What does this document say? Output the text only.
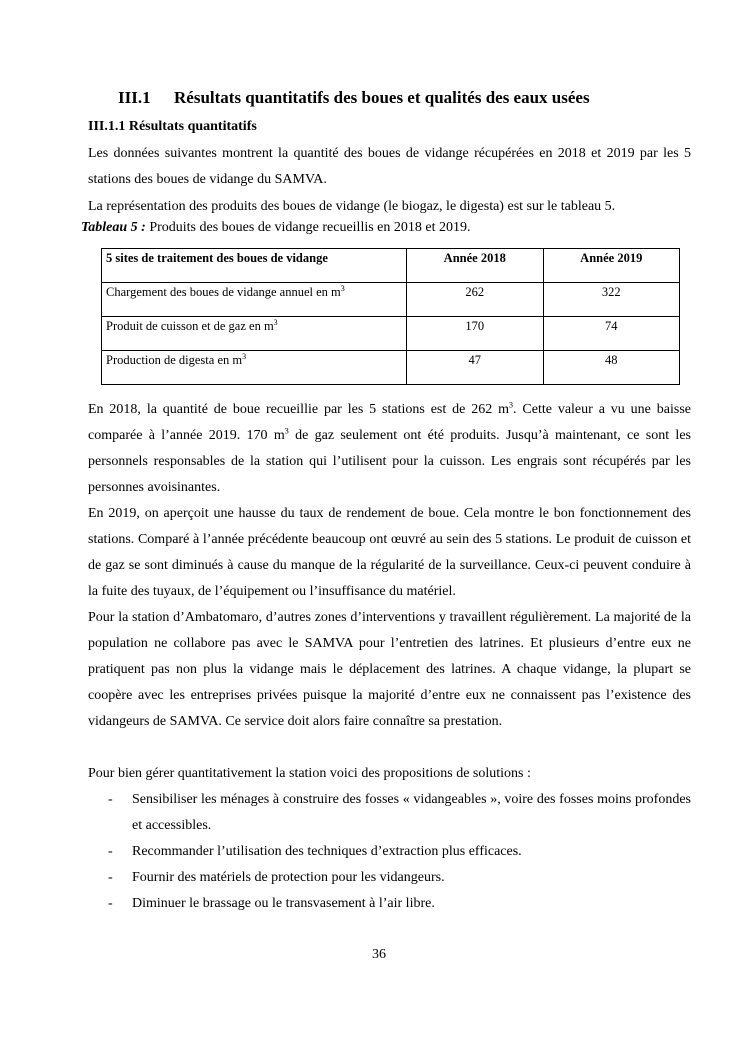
III.1 Résultats quantitatifs des boues et qualités des eaux usées
III.1.1 Résultats quantitatifs

Les données suivantes montrent la quantité des boues de vidange récupérées en 2018 et 2019 par les 5 stations des boues de vidange du SAMVA.

La représentation des produits des boues de vidange (le biogaz, le digesta) est sur le tableau 5.
Tableau 5 : Produits des boues de vidange recueillis en 2018 et 2019.
5 sites de traitement des boues de vidange	Année 2018	Année 2019
Chargement des boues de vidange annuel en $m^3$	262	322
Produit de cuisson et de gaz en $m^3$	170	74
Production de digesta en $m^3$	47	48

En 2018, la quantité de boue recueillie par les 5 stations est de 262 $m^3$. Cette valeur a vu une baisse comparée à l’année 2019. 170 $m^3$ de gaz seulement ont été produits. Jusqu’à maintenant, ce sont les personnels responsables de la station qui l’utilisent pour la cuisson. Les engrais sont récupérés par les personnes avoisinantes.

En 2019, on aperçoit une hausse du taux de rendement de boue. Cela montre le bon fonctionnement des stations. Comparé à l’année précédente beaucoup ont œuvré au sein des 5 stations. Le produit de cuisson et de gaz se sont diminués à cause du manque de la régularité de la surveillance. Ceux-ci peuvent conduire à la fuite des tuyaux, de l’équipement ou l’insuffisance du matériel.

Pour la station d’Ambatomaro, d’autres zones d’interventions y travaillent régulièrement. La majorité de la population ne collabore pas avec le SAMVA pour l’entretien des latrines. Et plusieurs d’entre eux ne pratiquent pas non plus la vidange mais le déplacement des latrines. A chaque vidange, la plupart se coopère avec les entreprises privées puisque la majorité d’entre eux ne connaissent pas l’existence des vidangeurs de SAMVA. Ce service doit alors faire connaître sa prestation.

Pour bien gérer quantitativement la station voici des propositions de solutions :
- Sensibiliser les ménages à construire des fosses « vidangeables », voire des fosses moins profondes et accessibles.
- Recommander l’utilisation des techniques d’extraction plus efficaces.
- Fournir des matériels de protection pour les vidangeurs.
- Diminuer le brassage ou le transvasement à l’air libre.
36
